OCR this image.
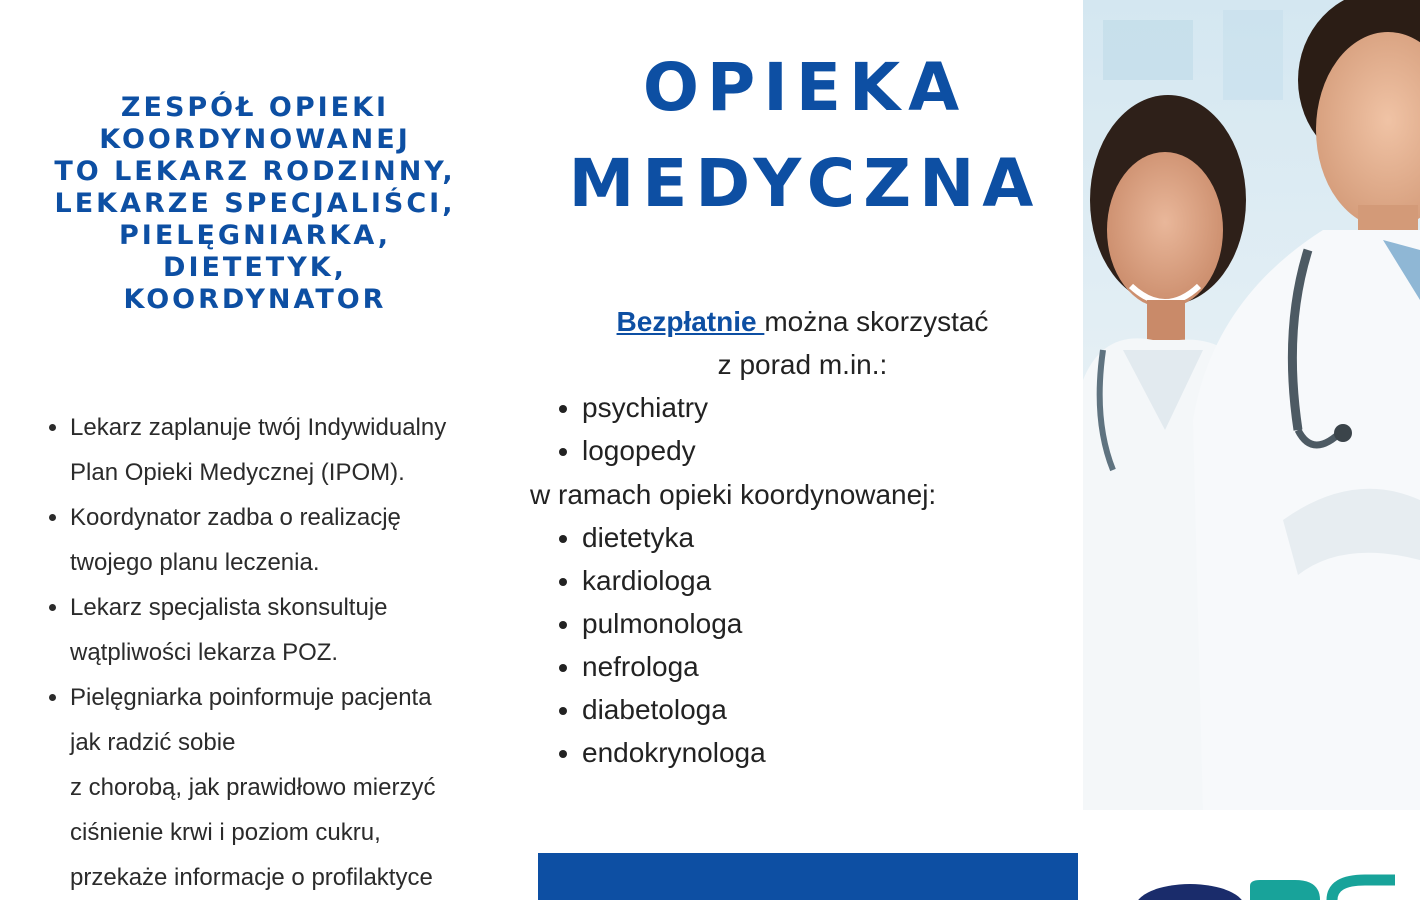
ZESPÓŁ OPIEKI
KOORDYNOWANEJ
TO LEKARZ RODZINNY,
LEKARZE SPECJALIŚCI,
PIELĘGNIARKA,
DIETETYK,
KOORDYNATOR
• Lekarz zaplanuje twój Indywidualny
Plan Opieki Medycznej (IPOM).
• Koordynator zadba o realizację
twojego planu leczenia.
• Lekarz specjalista skonsultuje
wątpliwości lekarza POZ.
• Pielęgniarka poinformuje pacjenta
jak radzić sobie
z chorobą, jak prawidłowo mierzyć
ciśnienie krwi i poziom cukru,
przekaże informacje o profilaktyce
OPIEKA
MEDYCZNA
Bezpłatnie można skorzystać
z porad m.in.:
• psychiatry
• logopedy
w ramach opieki koordynowanej:
• dietetyka
• kardiologa
• pulmonologa
• nefrologa
• diabetologa
• endokrynologa
